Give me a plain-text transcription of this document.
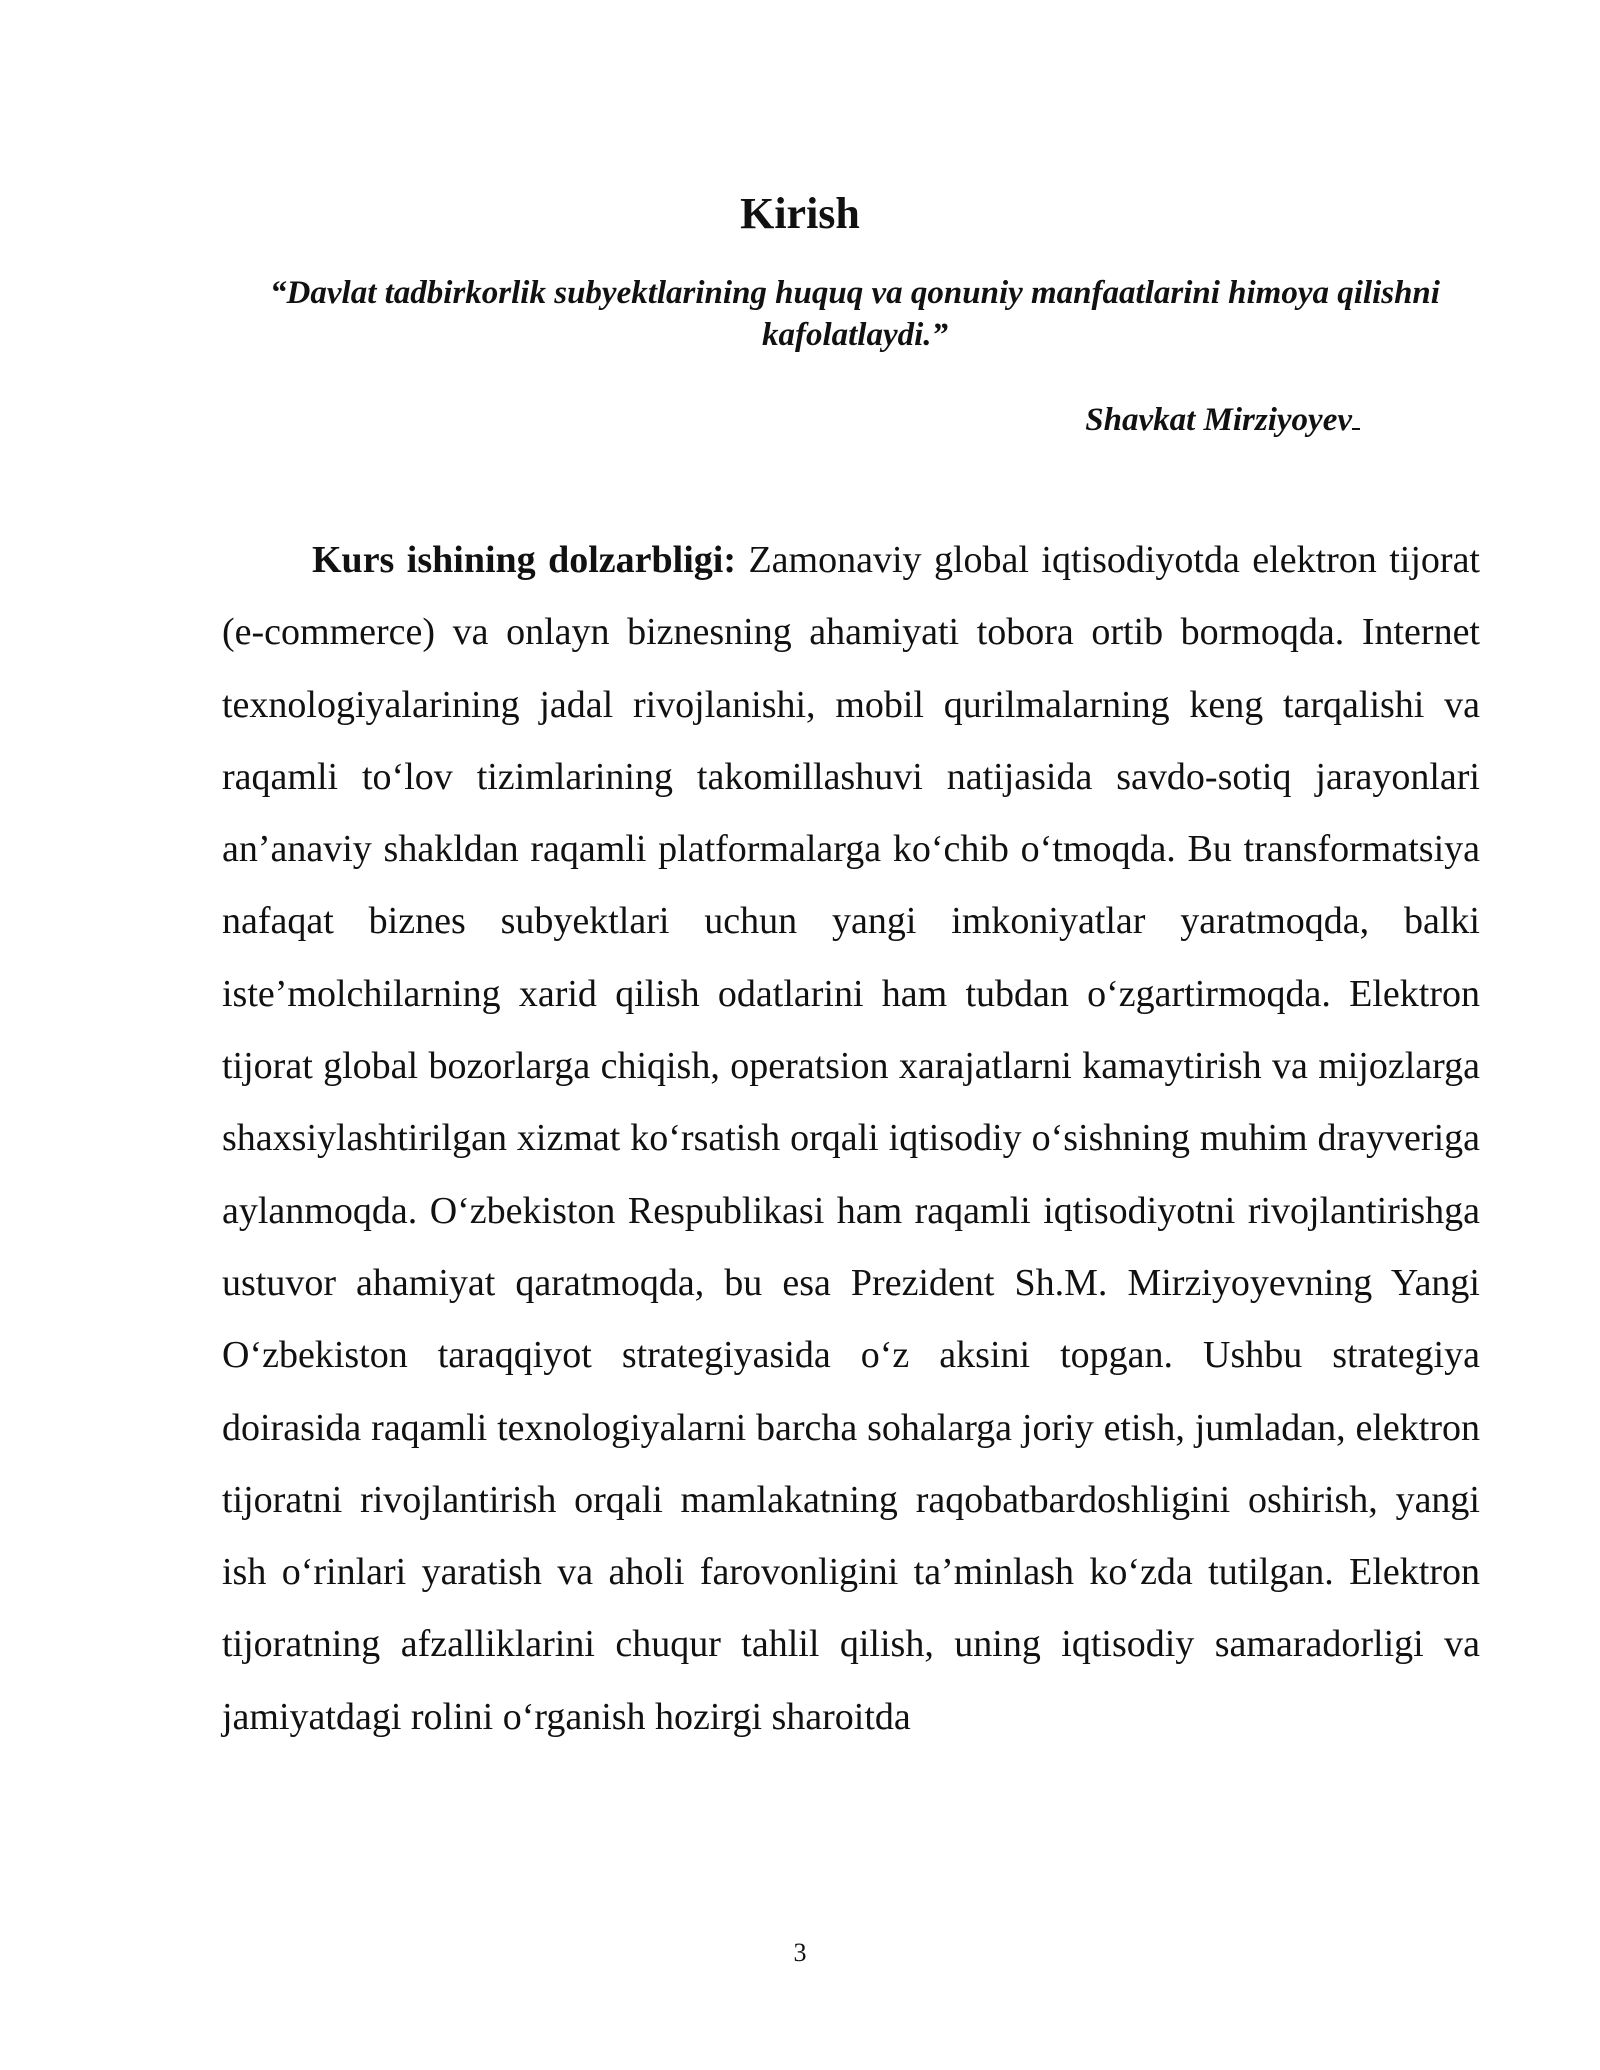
Kirish

“Davlat tadbirkorlik subyektlarining huquq va qonuniy manfaatlarini himoya qilishni kafolatlaydi.”

Shavkat Mirziyoyev

Kurs ishining dolzarbligi: Zamonaviy global iqtisodiyotda elektron tijorat (e-commerce) va onlayn biznesning ahamiyati tobora ortib bormoqda. Internet texnologiyalarining jadal rivojlanishi, mobil qurilmalarning keng tarqalishi va raqamli to‘lov tizimlarining takomillashuvi natijasida savdo-sotiq jarayonlari an’anaviy shakldan raqamli platformalarga ko‘chib o‘tmoqda. Bu transformatsiya nafaqat biznes subyektlari uchun yangi imkoniyatlar yaratmoqda, balki iste’molchilarning xarid qilish odatlarini ham tubdan o‘zgartirmoqda. Elektron tijorat global bozorlarga chiqish, operatsion xarajatlarni kamaytirish va mijozlarga shaxsiylashtirilgan xizmat ko‘rsatish orqali iqtisodiy o‘sishning muhim drayveriga aylanmoqda. O‘zbekiston Respublikasi ham raqamli iqtisodiyotni rivojlantirishga ustuvor ahamiyat qaratmoqda, bu esa Prezident Sh.M. Mirziyoyevning Yangi O‘zbekiston taraqqiyot strategiyasida o‘z aksini topgan. Ushbu strategiya doirasida raqamli texnologiyalarni barcha sohalarga joriy etish, jumladan, elektron tijoratni rivojlantirish orqali mamlakatning raqobatbardoshligini oshirish, yangi ish o‘rinlari yaratish va aholi farovonligini ta’minlash ko‘zda tutilgan. Elektron tijoratning afzalliklarini chuqur tahlil qilish, uning iqtisodiy samaradorligi va jamiyatdagi rolini o‘rganish hozirgi sharoitda

3
